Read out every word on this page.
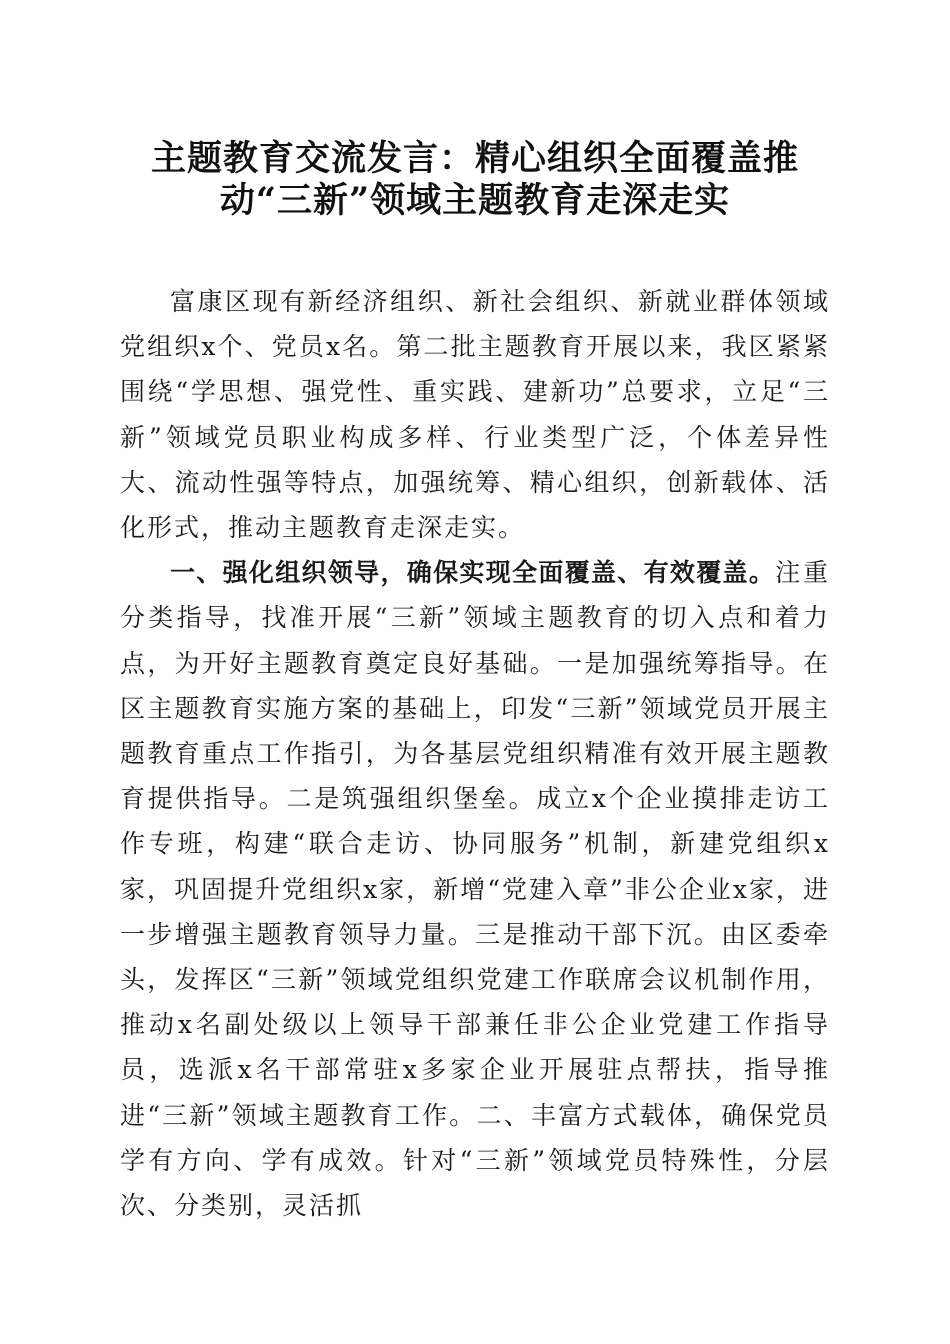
主题教育交流发言：精心组织全面覆盖推
动“三新”领域主题教育走深走实

富康区现有新经济组织、新社会组织、新就业群体领域党组织x个、党员x名。第二批主题教育开展以来，我区紧紧围绕“学思想、强党性、重实践、建新功”总要求，立足“三新”领域党员职业构成多样、行业类型广泛，个体差异性大、流动性强等特点，加强统筹、精心组织，创新载体、活化形式，推动主题教育走深走实。

一、强化组织领导，确保实现全面覆盖、有效覆盖。注重分类指导，找准开展“三新”领域主题教育的切入点和着力点，为开好主题教育奠定良好基础。一是加强统筹指导。在区主题教育实施方案的基础上，印发“三新”领域党员开展主题教育重点工作指引，为各基层党组织精准有效开展主题教育提供指导。二是筑强组织堡垒。成立x个企业摸排走访工作专班，构建“联合走访、协同服务”机制，新建党组织x家，巩固提升党组织x家，新增“党建入章”非公企业x家，进一步增强主题教育领导力量。三是推动干部下沉。由区委牵头，发挥区“三新”领域党组织党建工作联席会议机制作用，推动x名副处级以上领导干部兼任非公企业党建工作指导员，选派x名干部常驻x多家企业开展驻点帮扶，指导推进“三新”领域主题教育工作。二、丰富方式载体，确保党员学有方向、学有成效。针对“三新”领域党员特殊性，分层次、分类别，灵活抓
